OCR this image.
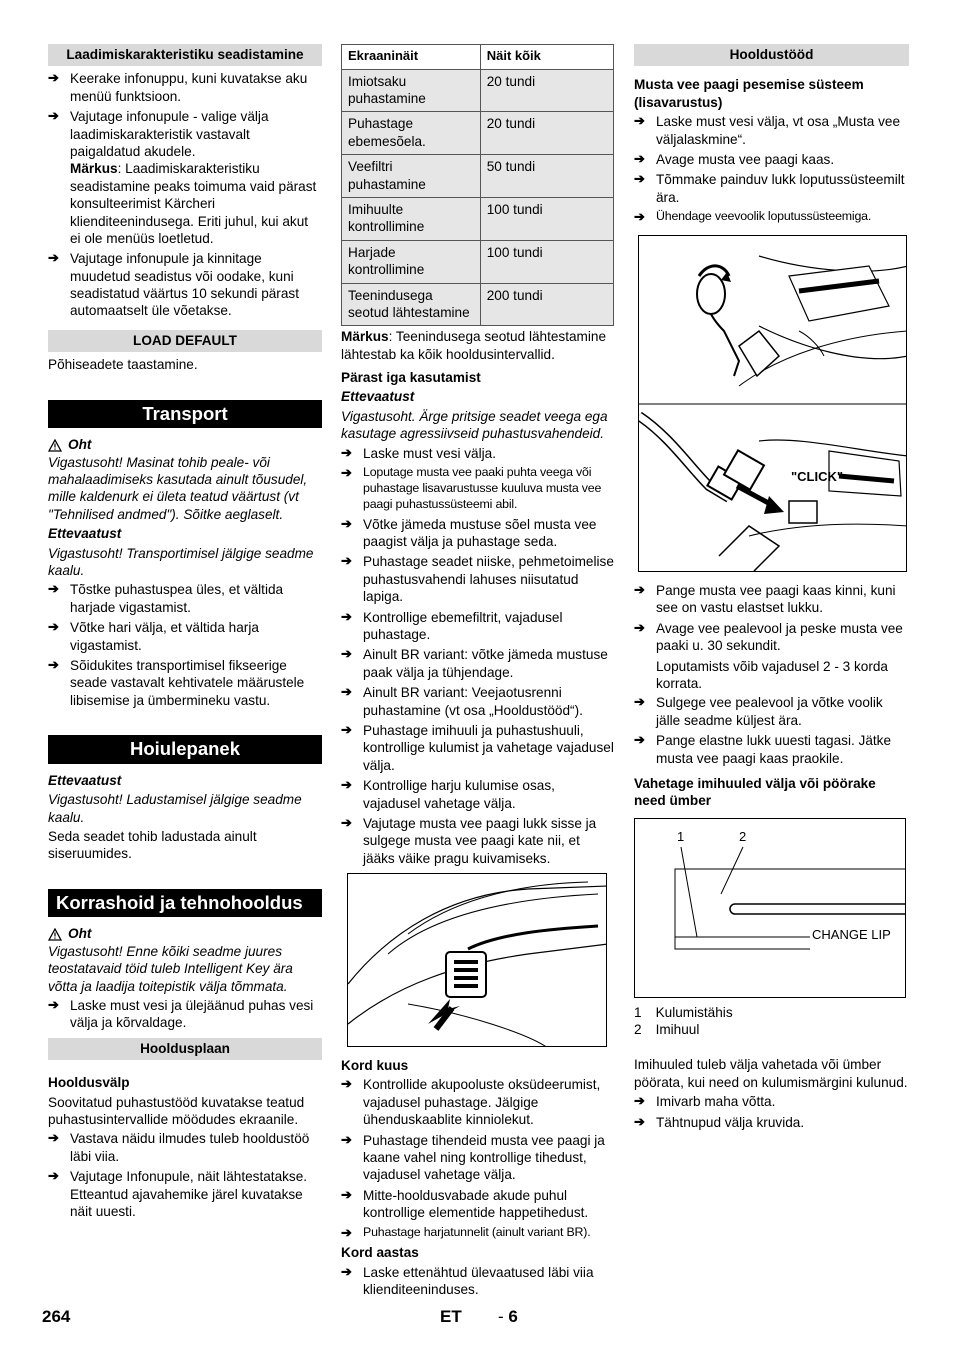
Laadimiskarakteristiku seadistamine
➔ Keerake infonuppu, kuni kuvatakse aku menüü funktsioon.
➔ Vajutage infonupule - valige välja laadimiskarakteristik vastavalt paigaldatud akudele.
Märkus: Laadimiskarakteristiku seadistamine peaks toimuma vaid pärast konsulteerimist Kärcheri klienditeenindusega. Eriti juhul, kui akut ei ole menüüs loetletud.
➔ Vajutage infonupule ja kinnitage muudetud seadistus või oodake, kuni seadistatud väärtus 10 sekundi pärast automaatselt üle võetakse.
LOAD DEFAULT

Põhiseadete taastamine.

Transport
Oht

Vigastusoht! Masinat tohib peale- või mahalaadimiseks kasutada ainult tõusudel, mille kaldenurk ei ületa teatud väärtust (vt "Tehnilised andmed"). Sõitke aeglaselt.

Ettevaatust

Vigastusoht! Transportimisel jälgige seadme kaalu.

➔ Tõstke puhastuspea üles, et vältida harjade vigastamist.
➔ Võtke hari välja, et vältida harja vigastamist.
➔ Sõidukites transportimisel fikseerige seade vastavalt kehtivatele määrustele libisemise ja ümbermineku vastu.
Hoiulepanek

Ettevaatust

Vigastusoht! Ladustamisel jälgige seadme kaalu.

Seda seadet tohib ladustada ainult siseruumides.

Korrashoid ja tehnohooldus
Oht

Vigastusoht! Enne kõiki seadme juures teostatavaid töid tuleb Intelligent Key ära võtta ja laadija toitepistik välja tõmmata.

➔ Laske must vesi ja ülejäänud puhas vesi välja ja kõrvaldage.
Hooldusplaan

Hooldusvälp

Soovitatud puhastustööd kuvatakse teatud puhastusintervallide möödudes ekraanile.

➔ Vastava näidu ilmudes tuleb hooldustöö läbi viia.
➔ Vajutage Infonupule, näit lähtestatakse. Etteantud ajavahemike järel kuvatakse näit uuesti.
Ekraaninäit	Näit kõik
Imiotsaku puhastamine	20 tundi
Puhastage ebemesõela.	20 tundi
Veefiltri puhastamine	50 tundi
Imihuulte kontrollimine	100 tundi
Harjade kontrollimine	100 tundi
Teenindusega seotud lähtestamine	200 tundi

Märkus: Teenindusega seotud lähtestamine lähtestab ka kõik hooldusintervallid.

Pärast iga kasutamist

Ettevaatust

Vigastusoht. Ärge pritsige seadet veega ega kasutage agressiivseid puhastusvahendeid.

➔ Laske must vesi välja.
➔ Loputage musta vee paaki puhta veega või puhastage lisavarustusse kuuluva musta vee paagi puhastussüsteemi abil.
➔ Võtke jämeda mustuse sõel musta vee paagist välja ja puhastage seda.
➔ Puhastage seadet niiske, pehmetoimelise puhastusvahendi lahuses niisutatud lapiga.
➔ Kontrollige ebemefiltrit, vajadusel puhastage.
➔ Ainult BR variant: võtke jämeda mustuse paak välja ja tühjendage.
➔ Ainult BR variant: Veejaotusrenni puhastamine (vt osa „Hooldustööd“).
➔ Puhastage imihuuli ja puhastushuuli, kontrollige kulumist ja vahetage vajadusel välja.
➔ Kontrollige harju kulumise osas, vajadusel vahetage välja.
➔ Vajutage musta vee paagi lukk sisse ja sulgege musta vee paagi kate nii, et jääks väike pragu kuivamiseks.

Kord kuus

➔ Kontrollide akupooluste oksüdeerumist, vajadusel puhastage. Jälgige ühenduskaablite kinniolekut.
➔ Puhastage tihendeid musta vee paagi ja kaane vahel ning kontrollige tihedust, vajadusel vahetage välja.
➔ Mitte-hooldusvabade akude puhul kontrollige elementide happetihedust.
➔ Puhastage harjatunnelit (ainult variant BR).

Kord aastas

➔ Laske ettenähtud ülevaatused läbi viia klienditeeninduses.
Hooldustööd

Musta vee paagi pesemise süsteem (lisavarustus)

➔ Laske must vesi välja, vt osa „Musta vee väljalaskmine“.
➔ Avage musta vee paagi kaas.
➔ Tõmmake painduv lukk loputussüsteemilt ära.
➔ Ühendage veevoolik loputussüsteemiga.
"CLICK"
➔ Pange musta vee paagi kaas kinni, kuni see on vastu elastset lukku.
➔ Avage vee pealevool ja peske musta vee paaki u. 30 sekundit.

Loputamists võib vajadusel 2 - 3 korda korrata.

➔ Sulgege vee pealevool ja võtke voolik jälle seadme küljest ära.
➔ Pange elastne lukk uuesti tagasi. Jätke musta vee paagi kaas praokile.

Vahetage imihuuled välja või pöörake need ümber

1	2
CHANGE LIP
1 Kulumistähis
2 Imihuul

Imihuuled tuleb välja vahetada või ümber pöörata, kui need on kulumismärgini kulunud.

➔ Imivarb maha võtta.
➔ Tähtnupud välja kruvida.
264	ET - 6
